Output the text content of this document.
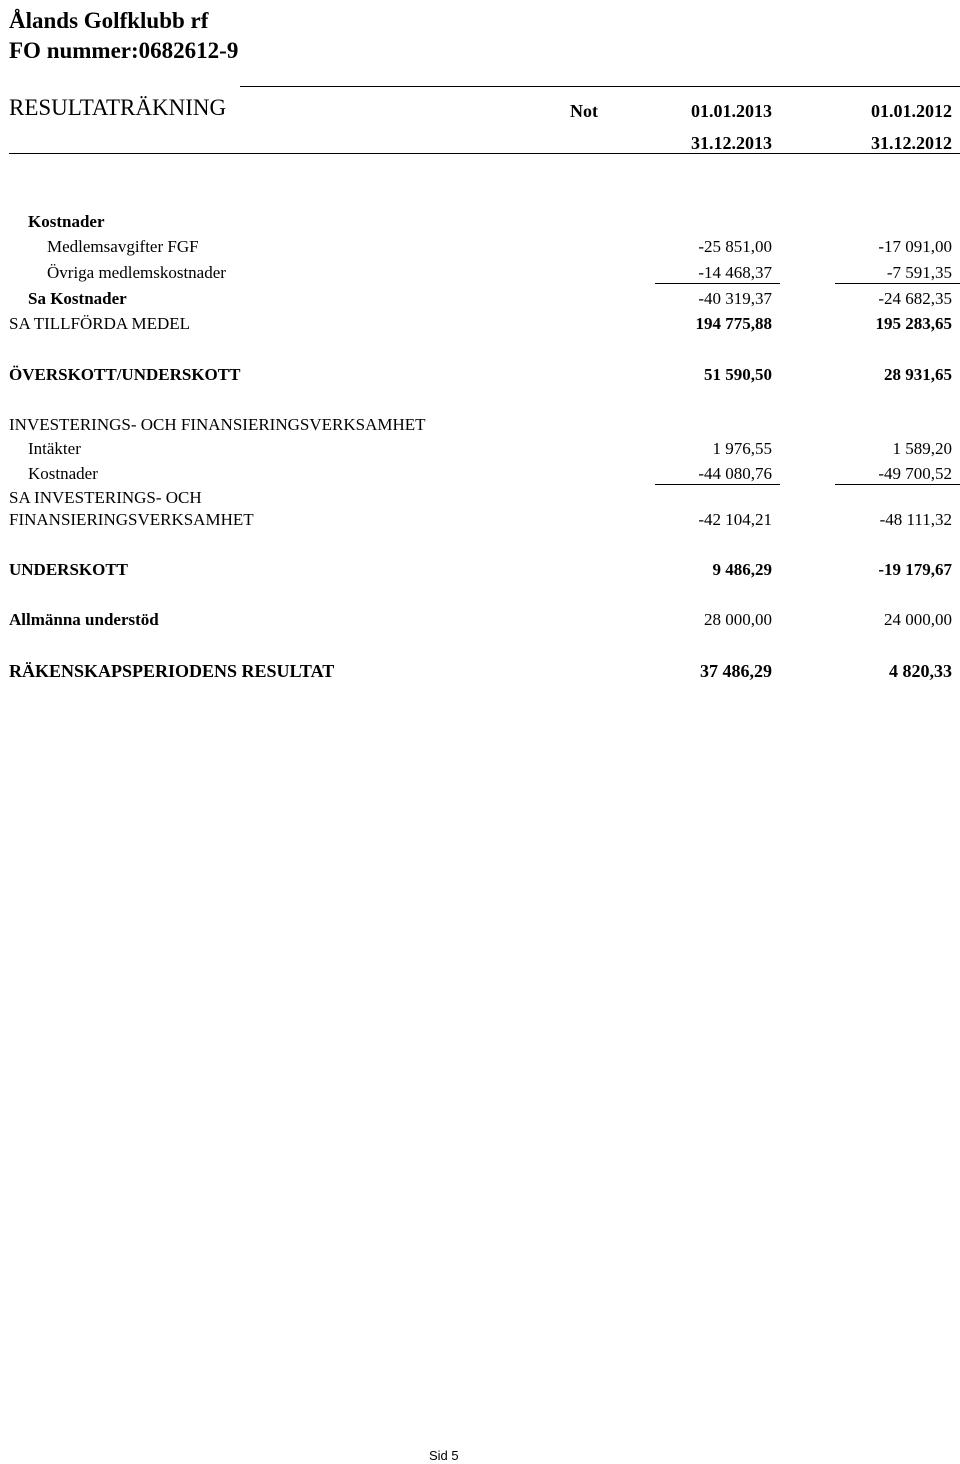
Ålands Golfklubb rf
FO nummer:0682612-9
RESULTATRÄKNING	Not	01.01.2013	01.01.2012
31.12.2013	31.12.2012
Kostnader
Medlemsavgifter FGF	-25 851,00	-17 091,00
Övriga medlemskostnader	-14 468,37	-7 591,35
Sa Kostnader	-40 319,37	-24 682,35
SA TILLFÖRDA MEDEL	194 775,88	195 283,65
ÖVERSKOTT/UNDERSKOTT	51 590,50	28 931,65
INVESTERINGS- OCH FINANSIERINGSVERKSAMHET
Intäkter	1 976,55	1 589,20
Kostnader	-44 080,76	-49 700,52
SA INVESTERINGS- OCH
FINANSIERINGSVERKSAMHET	-42 104,21	-48 111,32
UNDERSKOTT	9 486,29	-19 179,67
Allmänna understöd	28 000,00	24 000,00
RÄKENSKAPSPERIODENS RESULTAT	37 486,29	4 820,33
Sid 5
